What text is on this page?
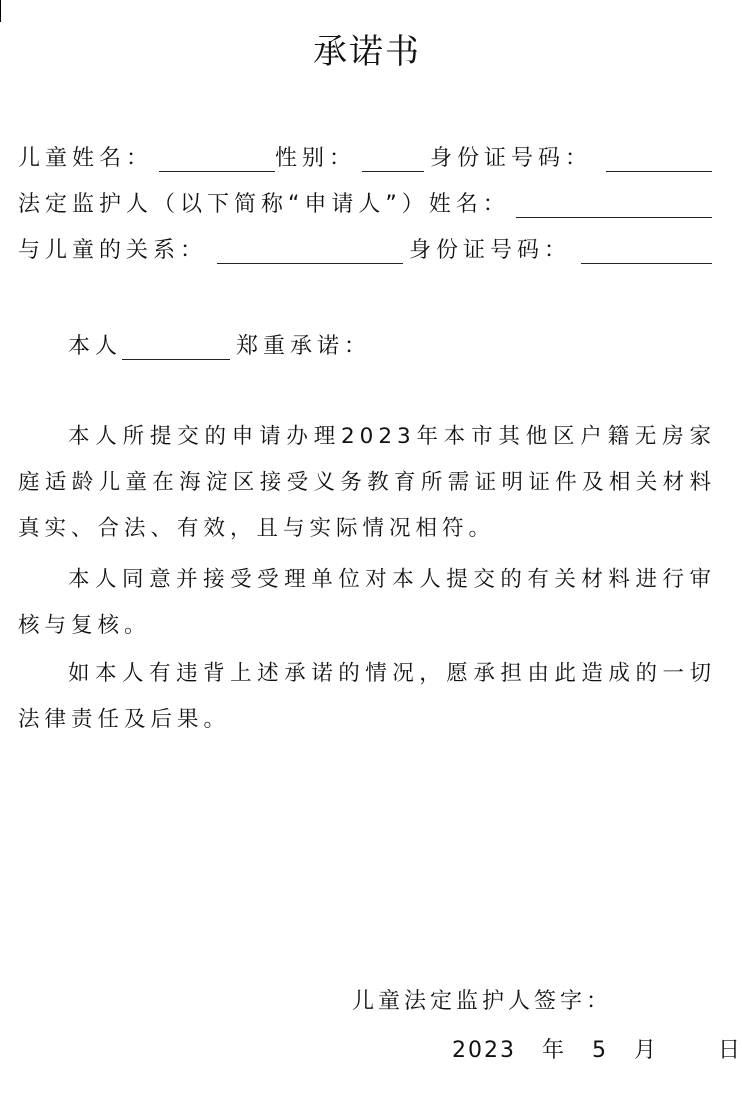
承诺书
儿童姓名：	性别：	身份证号码：
法定监护人（以下简称“申请人”）姓名：
与儿童的关系：	身份证号码：
本人	郑重承诺：

本人所提交的申请办理2023年本市其他区户籍无房家庭适龄儿童在海淀区接受义务教育所需证明证件及相关材料真实、合法、有效，且与实际情况相符。

本人同意并接受受理单位对本人提交的有关材料进行审核与复核。

如本人有违背上述承诺的情况，愿承担由此造成的一切法律责任及后果。

儿童法定监护人签字：
2023 年 5 月	日
